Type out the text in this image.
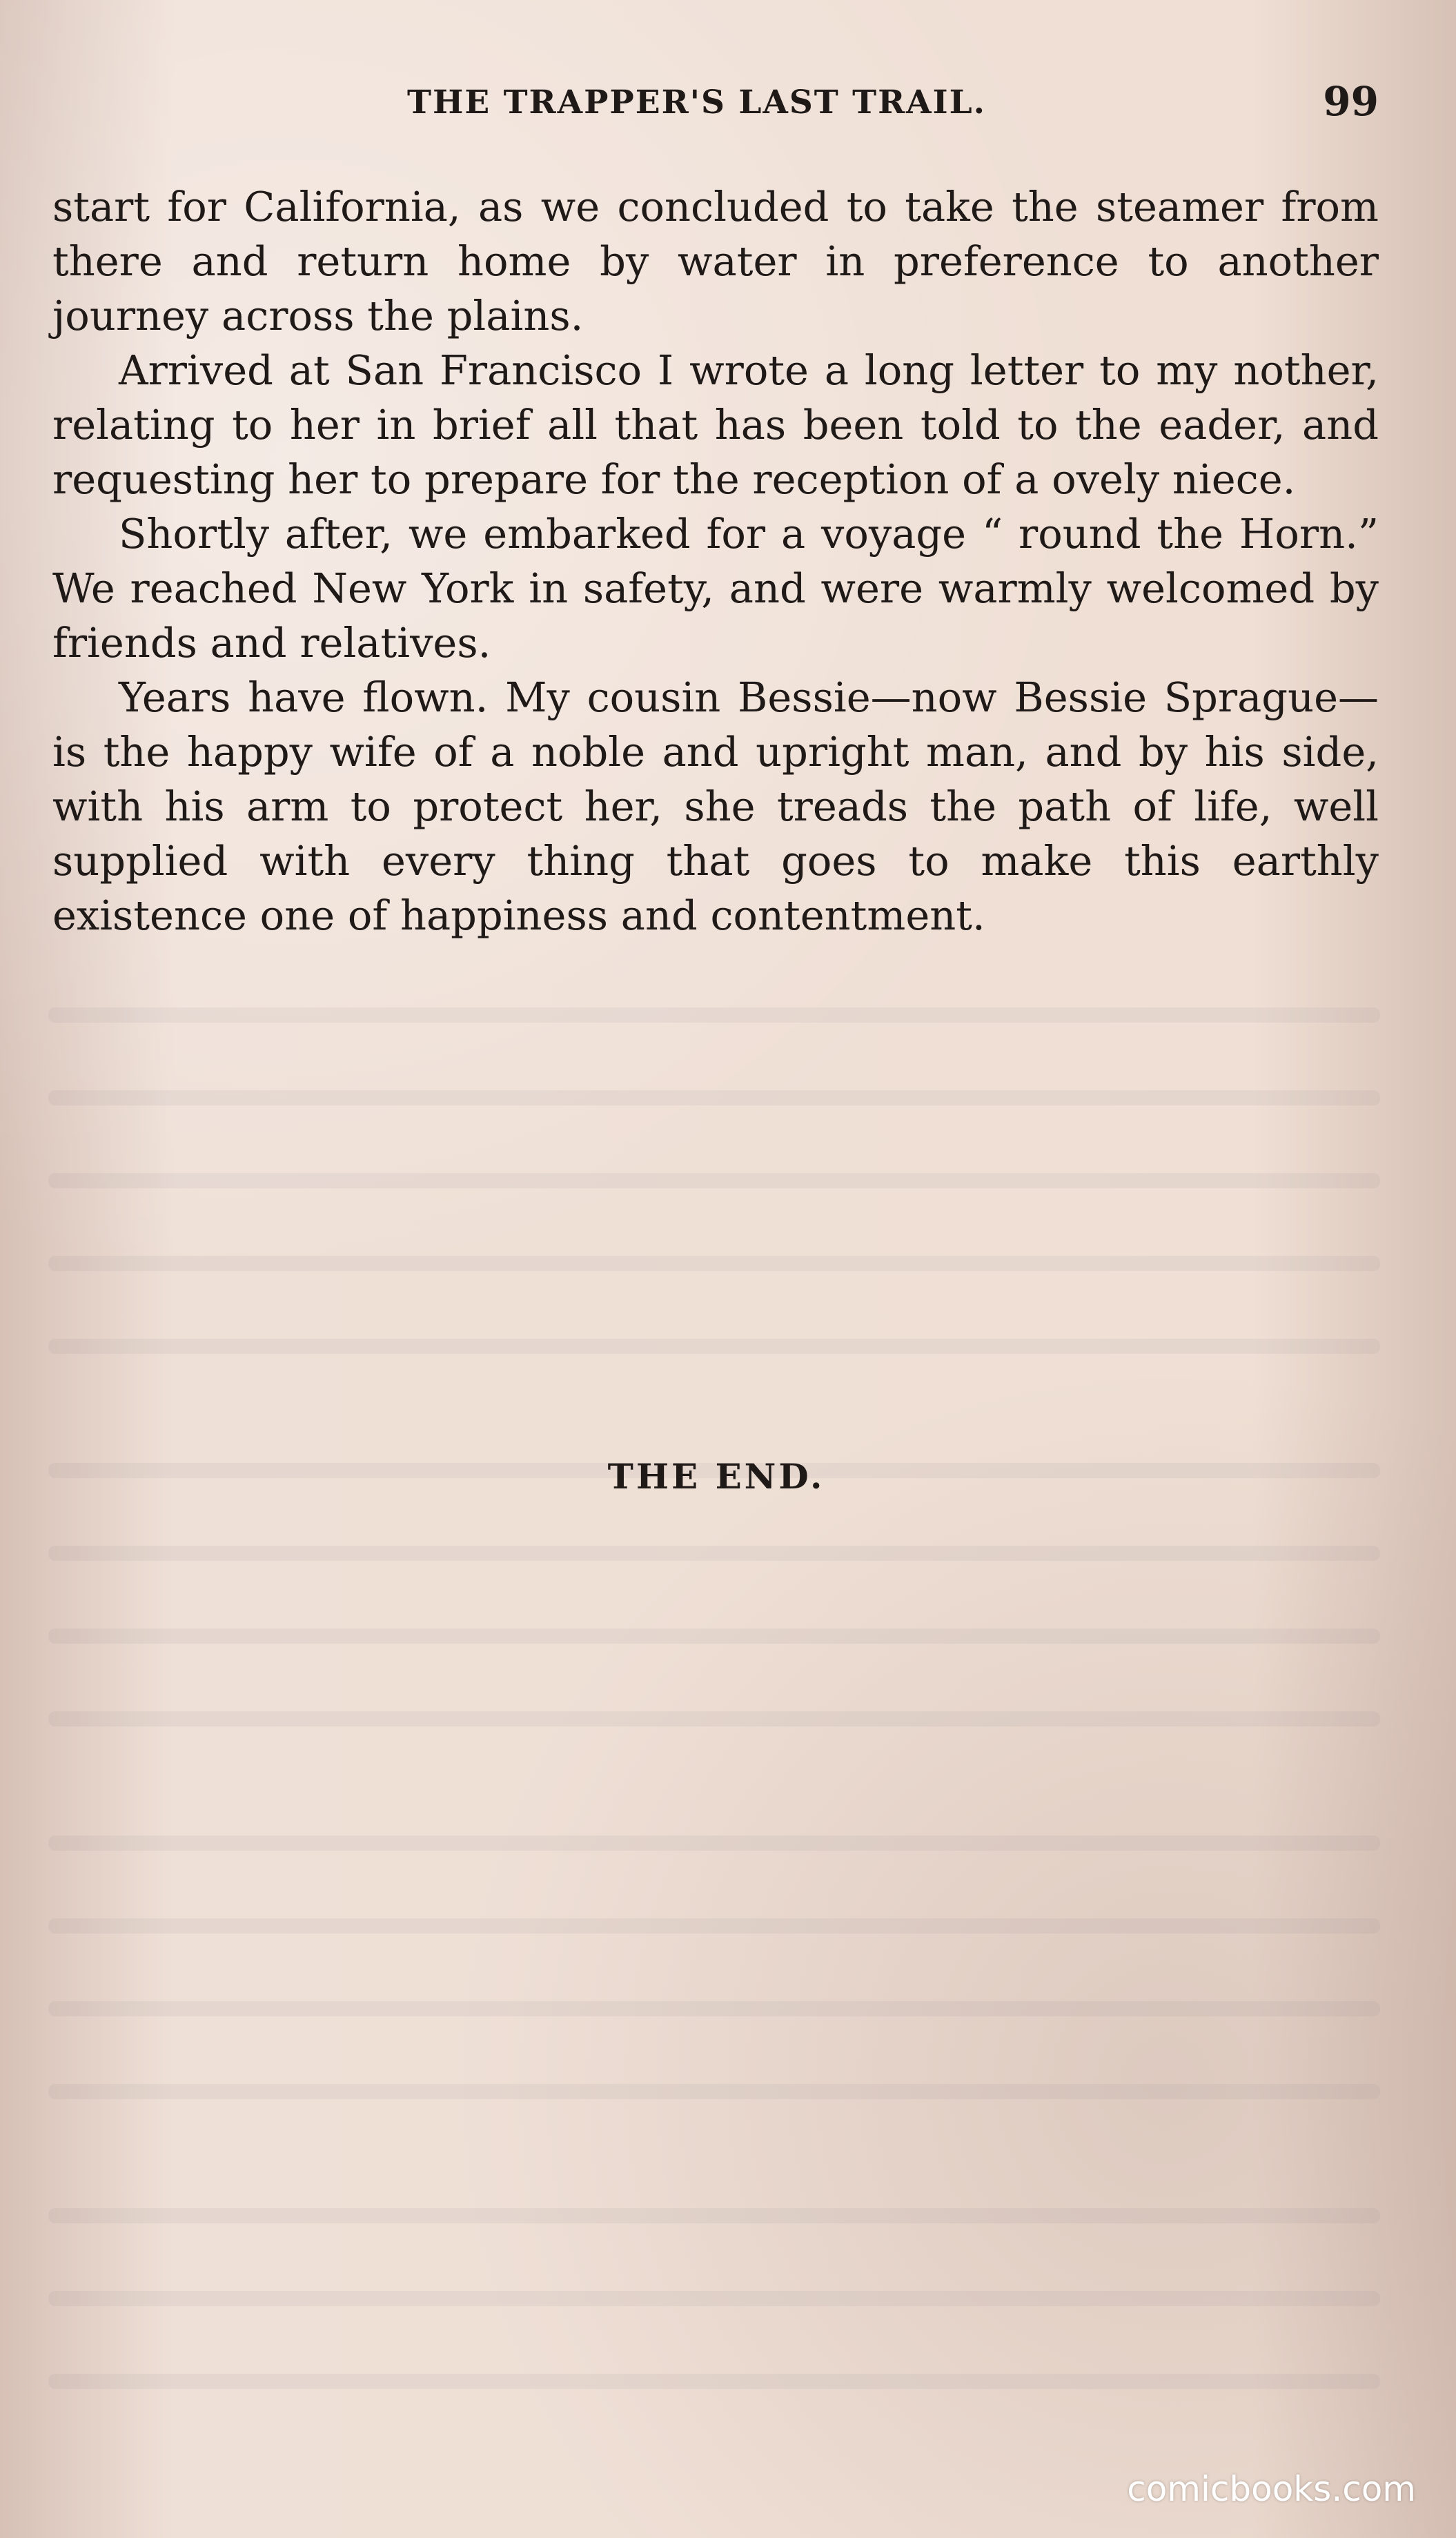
THE TRAPPER'S LAST TRAIL.	99

start for California, as we concluded to take the steamer from there and return home by water in preference to another journey across the plains.

Arrived at San Francisco I wrote a long letter to my nother, relating to her in brief all that has been told to the eader, and requesting her to prepare for the reception of a ovely niece.

Shortly after, we embarked for a voyage “ round the Horn.” We reached New York in safety, and were warmly welcomed by friends and relatives.

Years have flown. My cousin Bessie—now Bessie Sprague—is the happy wife of a noble and upright man, and by his side, with his arm to protect her, she treads the path of life, well supplied with every thing that goes to make this earthly existence one of happiness and contentment.

THE END.
comicbooks.com
